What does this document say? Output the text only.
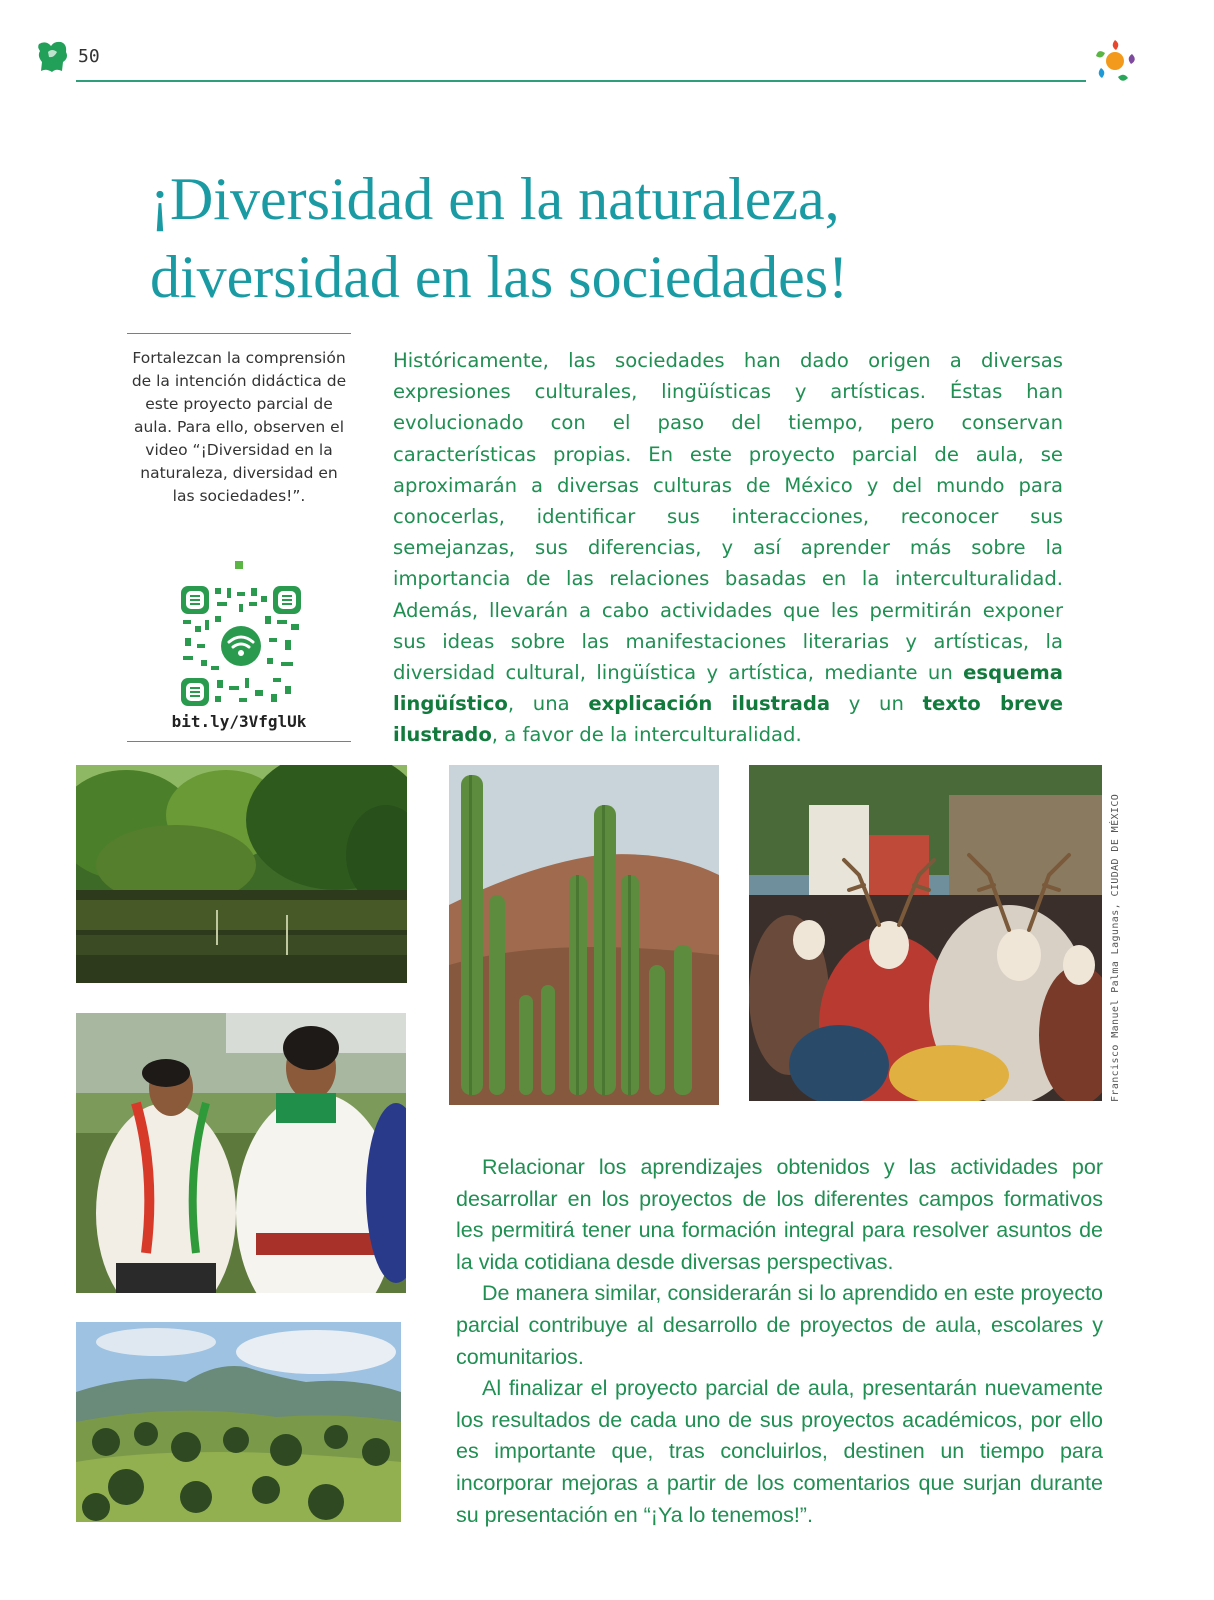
50
¡Diversidad en la naturaleza,
diversidad en las sociedades!
Fortalezcan la comprensión de la intención didáctica de este proyecto parcial de aula. Para ello, observen el video “¡Diversidad en la naturaleza, diversidad en las sociedades!”.
bit.ly/3VfglUk
Históricamente, las sociedades han dado origen a diversas expresiones culturales, lingüísticas y artísticas. Éstas han evolucionado con el paso del tiempo, pero conservan características propias. En este proyecto parcial de aula, se aproximarán a diversas culturas de México y del mundo para conocerlas, identificar sus interacciones, reconocer sus semejanzas, sus diferencias, y así aprender más sobre la importancia de las relaciones basadas en la interculturalidad. Además, llevarán a cabo actividades que les permitirán exponer sus ideas sobre las manifestaciones literarias y artísticas, la diversidad cultural, lingüística y artística, mediante un esquema lingüístico, una explicación ilustrada y un texto breve ilustrado, a favor de la interculturalidad.
Francisco Manuel Palma Lagunas, CIUDAD DE MÉXICO

Relacionar los aprendizajes obtenidos y las actividades por desarrollar en los proyectos de los diferentes campos formativos les permitirá tener una formación integral para resolver asuntos de la vida cotidiana desde diversas perspectivas.

De manera similar, considerarán si lo aprendido en este proyecto parcial contribuye al desarrollo de proyectos de aula, escolares y comunitarios.

Al finalizar el proyecto parcial de aula, presentarán nuevamente los resultados de cada uno de sus proyectos académicos, por ello es importante que, tras concluirlos, destinen un tiempo para incorporar mejoras a partir de los comentarios que surjan durante su presentación en “¡Ya lo tenemos!”.
